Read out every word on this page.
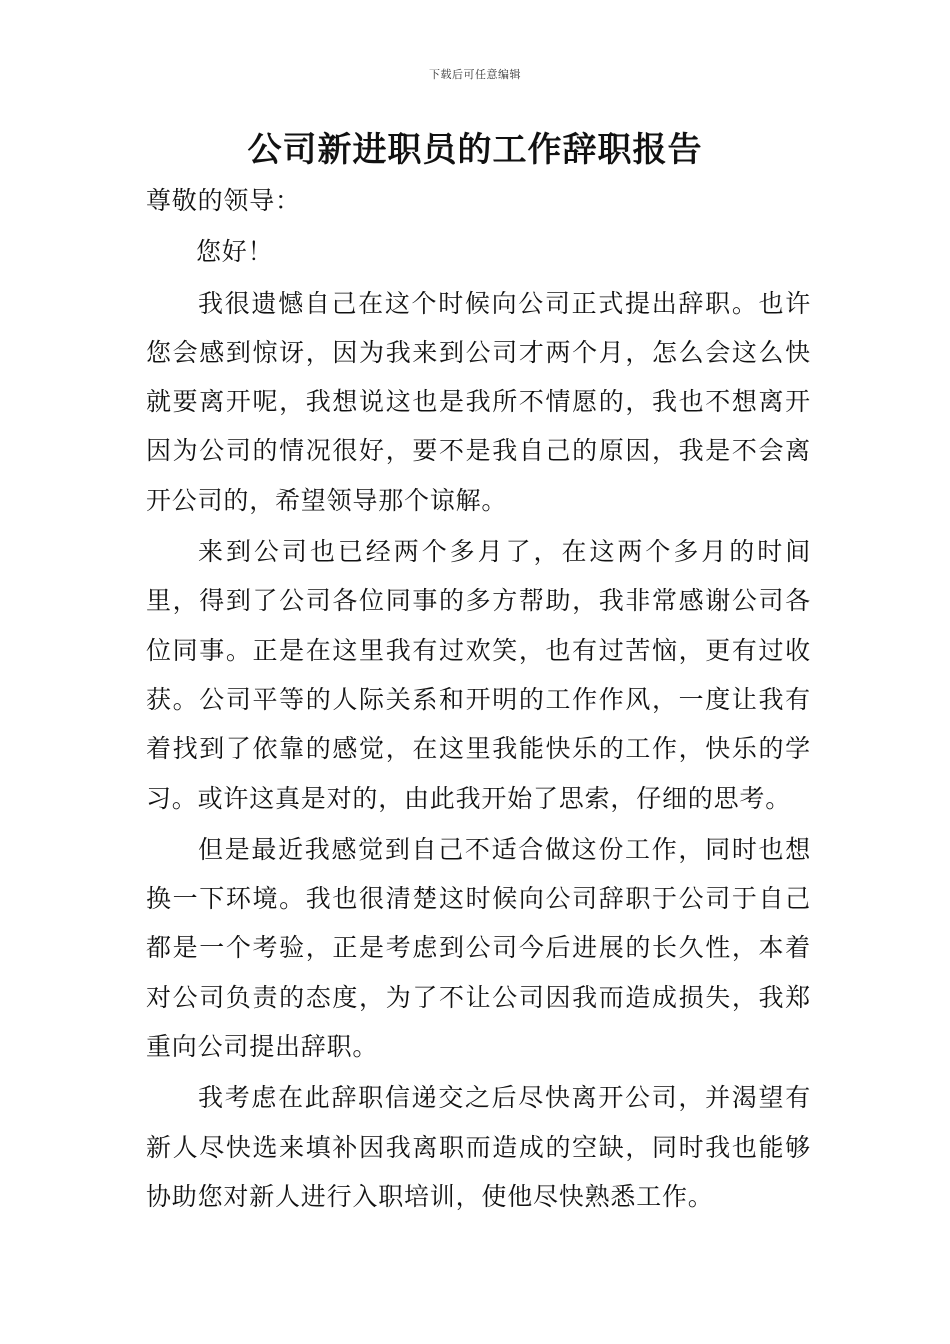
下载后可任意编辑
公司新进职员的工作辞职报告

尊敬的领导：

您好！

我很遗憾自己在这个时候向公司正式提出辞职。也许您会感到惊讶，因为我来到公司才两个月，怎么会这么快就要离开呢，我想说这也是我所不情愿的，我也不想离开因为公司的情况很好，要不是我自己的原因，我是不会离开公司的，希望领导那个谅解。

来到公司也已经两个多月了，在这两个多月的时间里，得到了公司各位同事的多方帮助，我非常感谢公司各位同事。正是在这里我有过欢笑，也有过苦恼，更有过收获。公司平等的人际关系和开明的工作作风，一度让我有着找到了依靠的感觉，在这里我能快乐的工作，快乐的学习。或许这真是对的，由此我开始了思索，仔细的思考。

但是最近我感觉到自己不适合做这份工作，同时也想换一下环境。我也很清楚这时候向公司辞职于公司于自己都是一个考验，正是考虑到公司今后进展的长久性，本着对公司负责的态度，为了不让公司因我而造成损失，我郑重向公司提出辞职。

我考虑在此辞职信递交之后尽快离开公司，并渴望有新人尽快选来填补因我离职而造成的空缺，同时我也能够协助您对新人进行入职培训，使他尽快熟悉工作。
